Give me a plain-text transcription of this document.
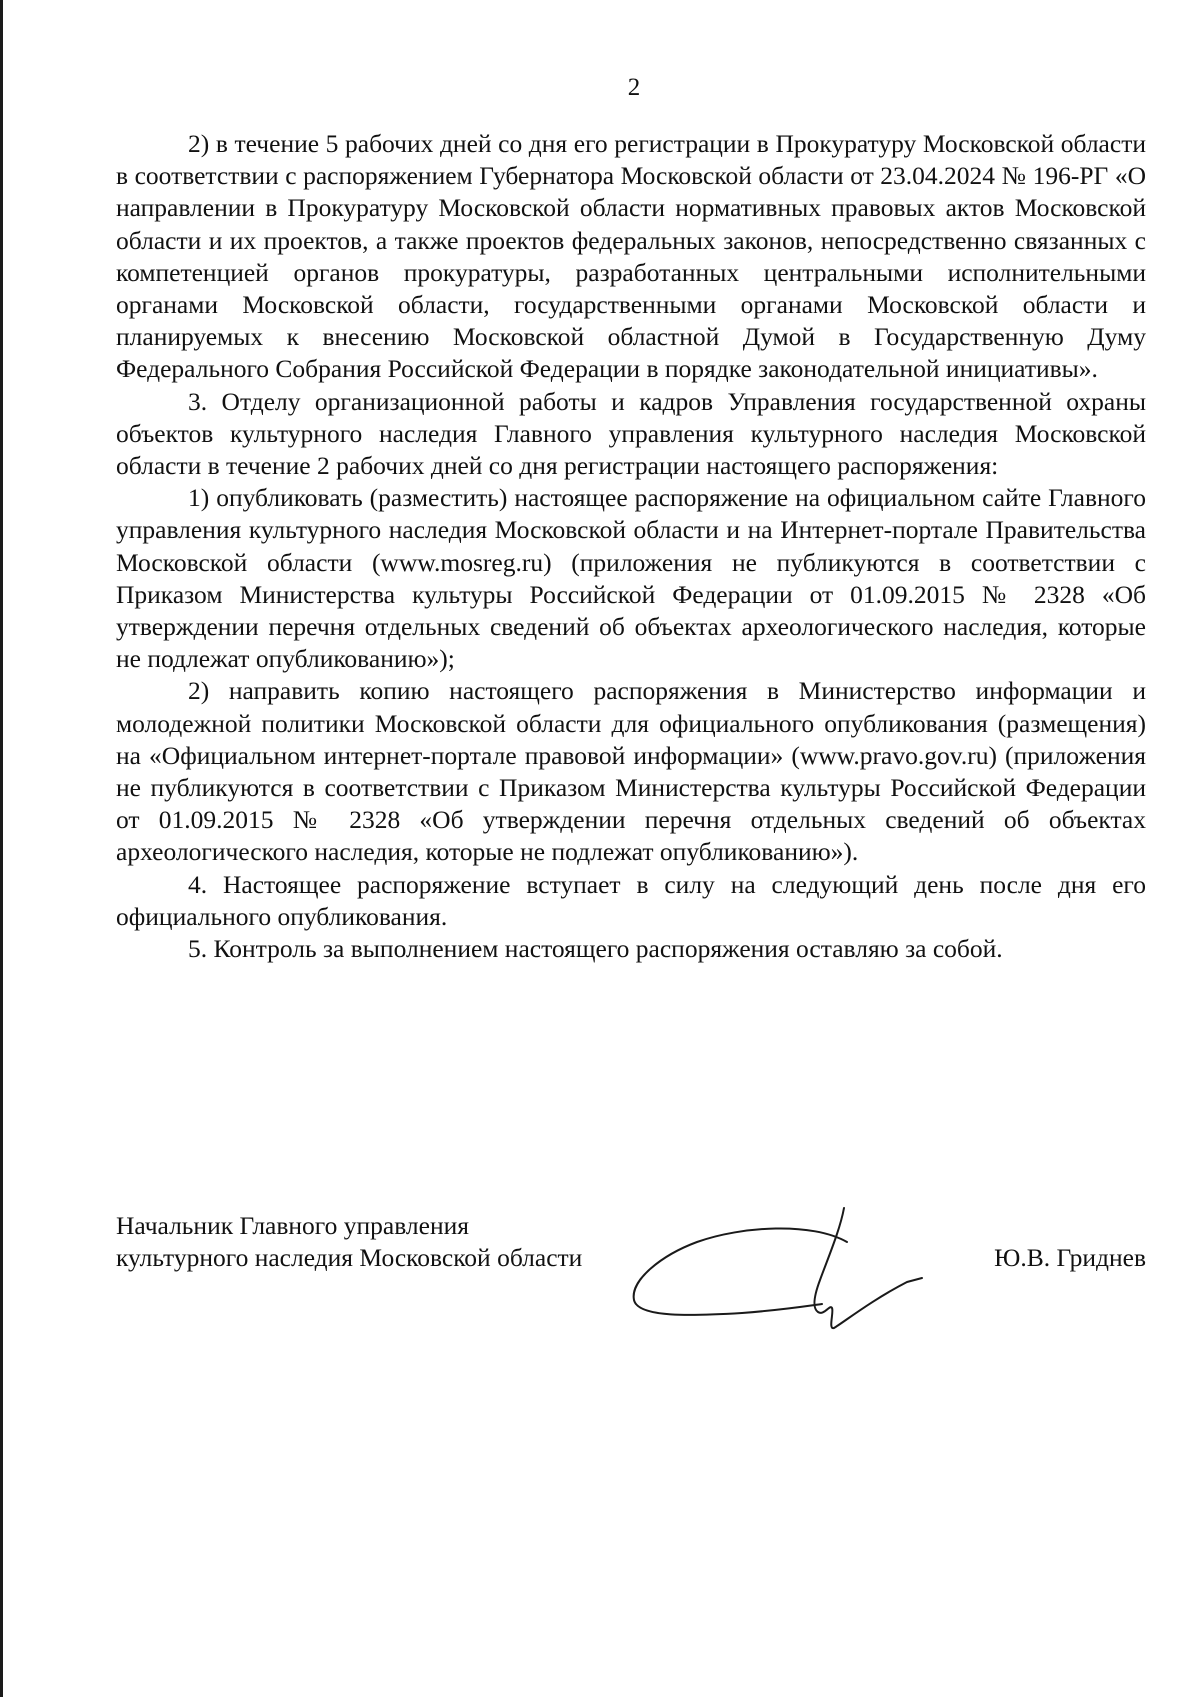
2

2) в течение 5 рабочих дней со дня его регистрации в Прокуратуру Московской области в соответствии с распоряжением Губернатора Московской области от 23.04.2024 № 196-РГ «О направлении в Прокуратуру Московской области нормативных правовых актов Московской области и их проектов, а также проектов федеральных законов, непосредственно связанных с компетенцией органов прокуратуры, разработанных центральными исполнительными органами Московской области, государственными органами Московской области и планируемых к внесению Московской областной Думой в Государственную Думу Федерального Собрания Российской Федерации в порядке законодательной инициативы».

3. Отделу организационной работы и кадров Управления государственной охраны объектов культурного наследия Главного управления культурного наследия Московской области в течение 2 рабочих дней со дня регистрации настоящего распоряжения:

1) опубликовать (разместить) настоящее распоряжение на официальном сайте Главного управления культурного наследия Московской области и на Интернет-портале Правительства Московской области (www.mosreg.ru) (приложения не публикуются в соответствии с Приказом Министерства культуры Российской Федерации от 01.09.2015 № 2328 «Об утверждении перечня отдельных сведений об объектах археологического наследия, которые не подлежат опубликованию»);

2) направить копию настоящего распоряжения в Министерство информации и молодежной политики Московской области для официального опубликования (размещения) на «Официальном интернет-портале правовой информации» (www.pravo.gov.ru) (приложения не публикуются в соответствии с Приказом Министерства культуры Российской Федерации от 01.09.2015 № 2328 «Об утверждении перечня отдельных сведений об объектах археологического наследия, которые не подлежат опубликованию»).

4. Настоящее распоряжение вступает в силу на следующий день после дня его официального опубликования.

5. Контроль за выполнением настоящего распоряжения оставляю за собой.

Начальник Главного управления
культурного наследия Московской области	Ю.В. Гриднев
